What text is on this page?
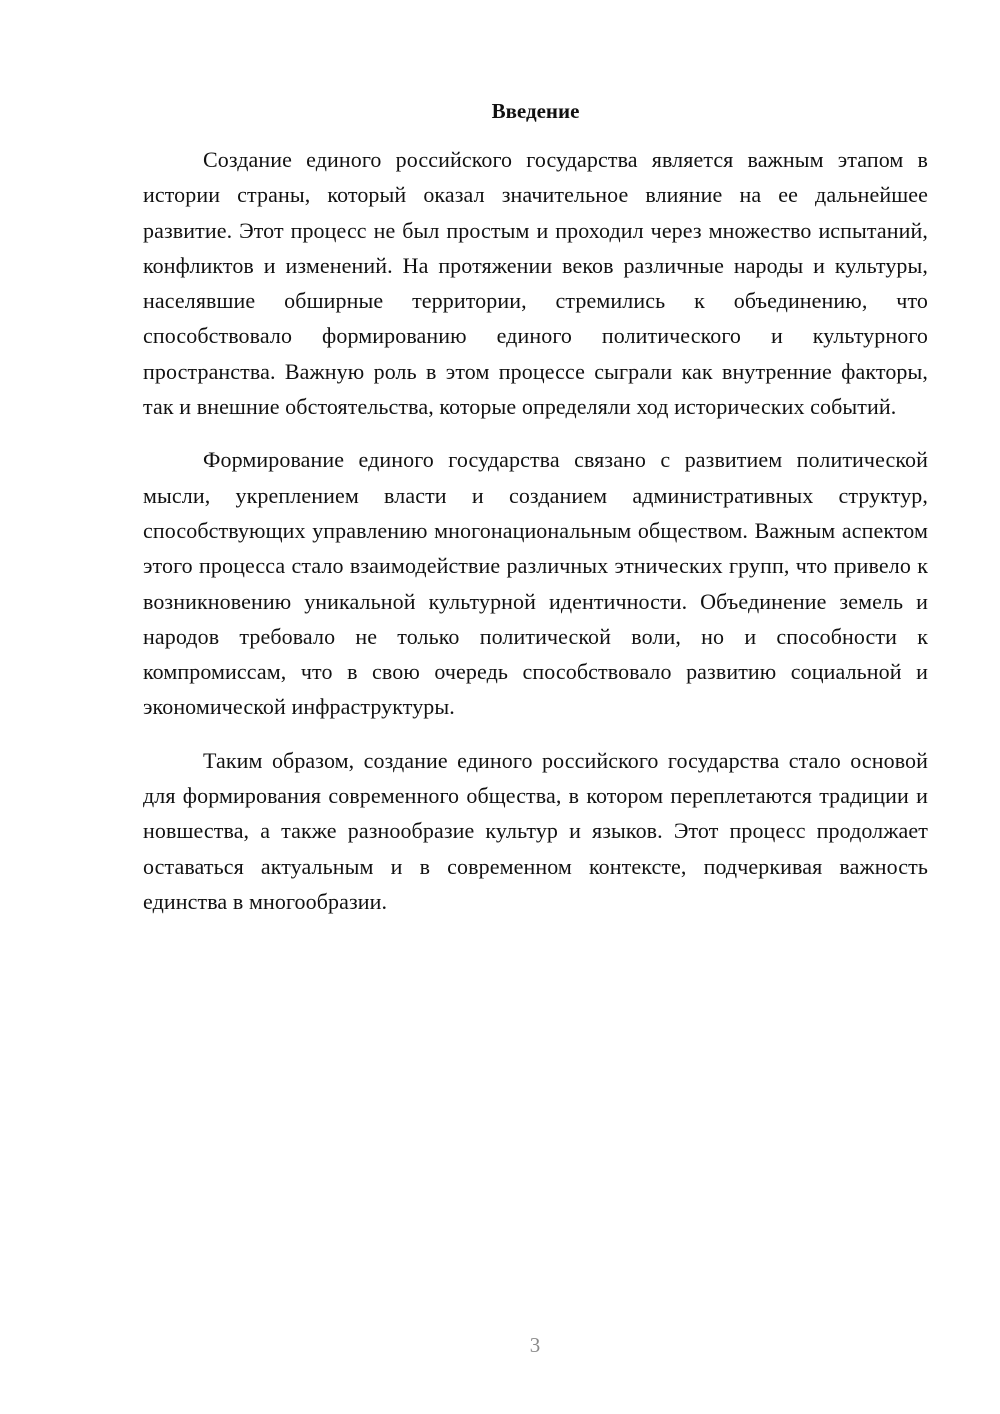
Введение

Создание единого российского государства является важным этапом в истории страны, который оказал значительное влияние на ее дальнейшее развитие. Этот процесс не был простым и проходил через множество испытаний, конфликтов и изменений. На протяжении веков различные народы и культуры, населявшие обширные территории, стремились к объединению, что способствовало формированию единого политического и культурного пространства. Важную роль в этом процессе сыграли как внутренние факторы, так и внешние обстоятельства, которые определяли ход исторических событий.

Формирование единого государства связано с развитием политической мысли, укреплением власти и созданием административных структур, способствующих управлению многонациональным обществом. Важным аспектом этого процесса стало взаимодействие различных этнических групп, что привело к возникновению уникальной культурной идентичности. Объединение земель и народов требовало не только политической воли, но и способности к компромиссам, что в свою очередь способствовало развитию социальной и экономической инфраструктуры.

Таким образом, создание единого российского государства стало основой для формирования современного общества, в котором переплетаются традиции и новшества, а также разнообразие культур и языков. Этот процесс продолжает оставаться актуальным и в современном контексте, подчеркивая важность единства в многообразии.

3
